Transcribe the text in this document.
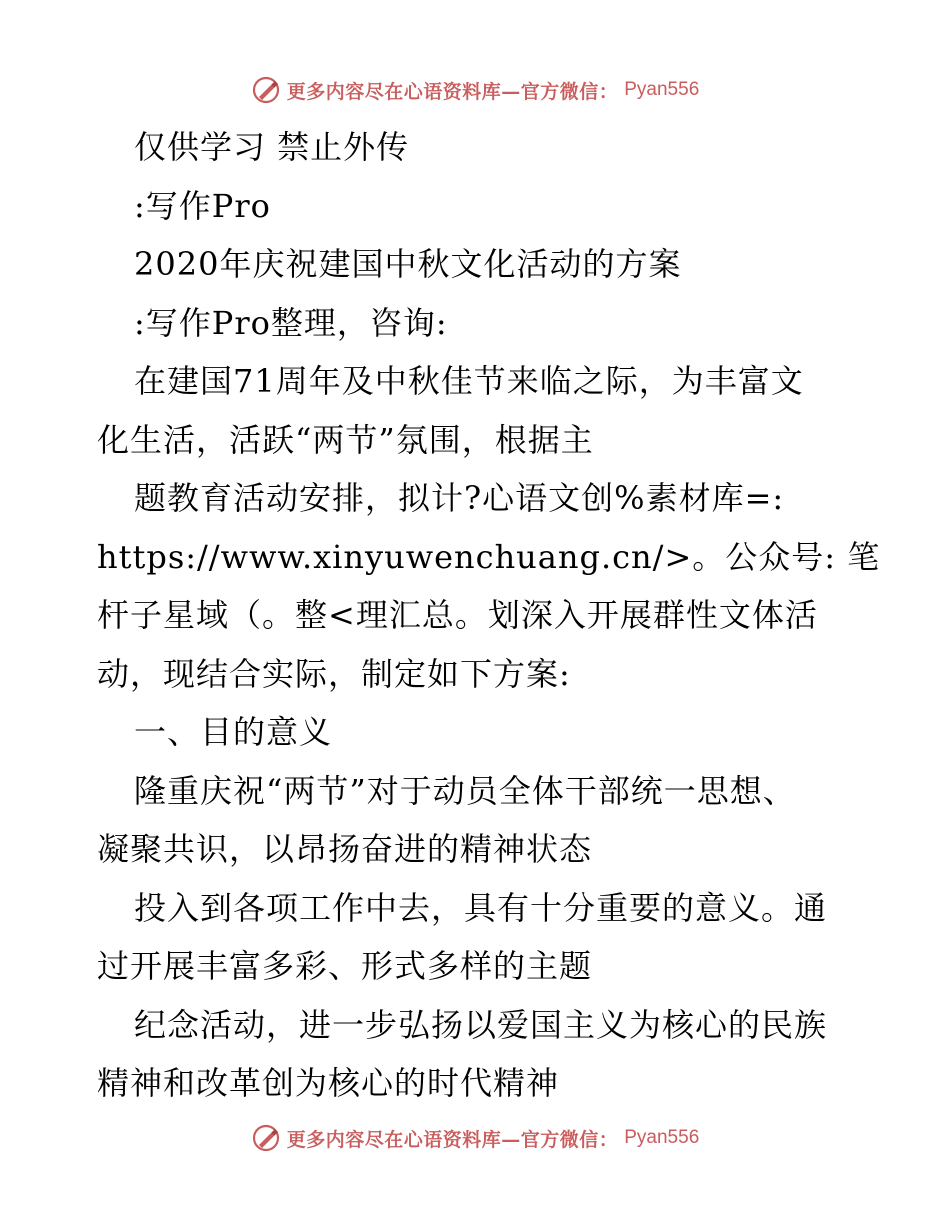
更多内容尽在心语资料库—官方微信： Pyan556
仅供学习 禁止外传
:写作Pro
2020年庆祝建国中秋文化活动的方案
:写作Pro整理，咨询:
在建国71周年及中秋佳节来临之际，为丰富文
化生活，活跃“两节”氛围，根据主
题教育活动安排，拟计?心语文创%素材库=:
https://www.xinyuwenchuang.cn/>。公众号: 笔
杆子星域（。整<理汇总。划深入开展群性文体活
动，现结合实际，制定如下方案:
一、目的意义
隆重庆祝“两节”对于动员全体干部统一思想、
凝聚共识，以昂扬奋进的精神状态
投入到各项工作中去，具有十分重要的意义。通
过开展丰富多彩、形式多样的主题
纪念活动，进一步弘扬以爱国主义为核心的民族
精神和改革创为核心的时代精神
更多内容尽在心语资料库—官方微信： Pyan556
